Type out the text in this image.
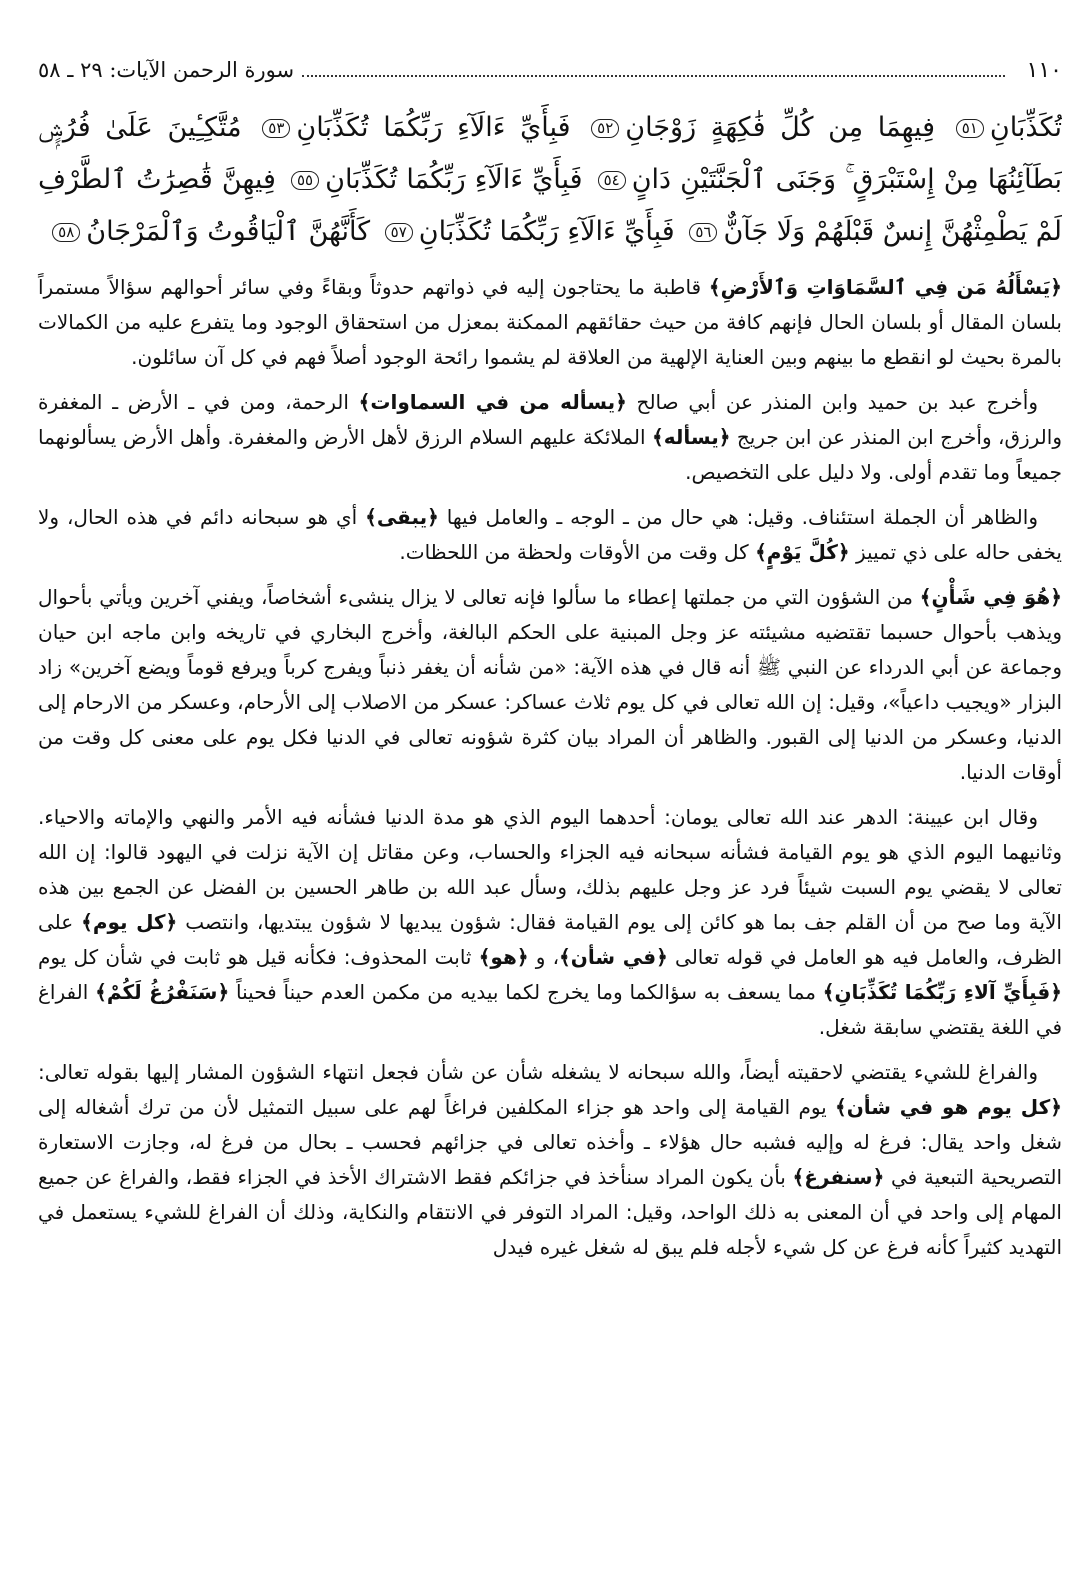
١١٠
سورة الرحمن الآيات: ٢٩ ـ ٥٨
تُكَذِّبَانِ٥١ فِيهِمَا مِن كُلِّ فَٰكِهَةٍ زَوْجَانِ٥٢ فَبِأَيِّ ءَالَآءِ رَبِّكُمَا تُكَذِّبَانِ٥٣ مُتَّكِـِٔينَ عَلَىٰ فُرُشٍۭ بَطَآئِنُهَا مِنْ إِسْتَبْرَقٍ ۚ وَجَنَى ٱلْجَنَّتَيْنِ دَانٍ٥٤ فَبِأَيِّ ءَالَآءِ رَبِّكُمَا تُكَذِّبَانِ٥٥ فِيهِنَّ قَٰصِرَٰتُ ٱلطَّرْفِ لَمْ يَطْمِثْهُنَّ إِنسٌ قَبْلَهُمْ وَلَا جَآنٌّ٥٦ فَبِأَيِّ ءَالَآءِ رَبِّكُمَا تُكَذِّبَانِ٥٧ كَأَنَّهُنَّ ٱلْيَاقُوتُ وَٱلْمَرْجَانُ٥٨

﴿يَسْأَلُهُ مَن فِي ٱلسَّمَاوَاتِ وَٱلأَرْضِ﴾ قاطبة ما يحتاجون إليه في ذواتهم حدوثاً وبقاءً وفي سائر أحوالهم سؤالاً مستمراً بلسان المقال أو بلسان الحال فإنهم كافة من حيث حقائقهم الممكنة بمعزل من استحقاق الوجود وما يتفرع عليه من الكمالات بالمرة بحيث لو انقطع ما بينهم وبين العناية الإلهية من العلاقة لم يشموا رائحة الوجود أصلاً فهم في كل آن سائلون.

وأخرج عبد بن حميد وابن المنذر عن أبي صالح ﴿يسأله من في السماوات﴾ الرحمة، ومن في ـ الأرض ـ المغفرة والرزق، وأخرج ابن المنذر عن ابن جريج ﴿يسأله﴾ الملائكة عليهم السلام الرزق لأهل الأرض والمغفرة. وأهل الأرض يسألونهما جميعاً وما تقدم أولى. ولا دليل على التخصيص.

والظاهر أن الجملة استئناف. وقيل: هي حال من ـ الوجه ـ والعامل فيها ﴿يبقى﴾ أي هو سبحانه دائم في هذه الحال، ولا يخفى حاله على ذي تمييز ﴿كُلَّ يَوْمٍ﴾ كل وقت من الأوقات ولحظة من اللحظات.

﴿هُوَ فِي شَأْنٍ﴾ من الشؤون التي من جملتها إعطاء ما سألوا فإنه تعالى لا يزال ينشىء أشخاصاً، ويفني آخرين ويأتي بأحوال ويذهب بأحوال حسبما تقتضيه مشيئته عز وجل المبنية على الحكم البالغة، وأخرج البخاري في تاريخه وابن ماجه ابن حيان وجماعة عن أبي الدرداء عن النبي ﷺ أنه قال في هذه الآية: «من شأنه أن يغفر ذنباً ويفرج كرباً ويرفع قوماً ويضع آخرين» زاد البزار «ويجيب داعياً»، وقيل: إن الله تعالى في كل يوم ثلاث عساكر: عسكر من الاصلاب إلى الأرحام، وعسكر من الارحام إلى الدنيا، وعسكر من الدنيا إلى القبور. والظاهر أن المراد بيان كثرة شؤونه تعالى في الدنيا فكل يوم على معنى كل وقت من أوقات الدنيا.

وقال ابن عيينة: الدهر عند الله تعالى يومان: أحدهما اليوم الذي هو مدة الدنيا فشأنه فيه الأمر والنهي والإماته والاحياء. وثانيهما اليوم الذي هو يوم القيامة فشأنه سبحانه فيه الجزاء والحساب، وعن مقاتل إن الآية نزلت في اليهود قالوا: إن الله تعالى لا يقضي يوم السبت شيئاً فرد عز وجل عليهم بذلك، وسأل عبد الله بن طاهر الحسين بن الفضل عن الجمع بين هذه الآية وما صح من أن القلم جف بما هو كائن إلى يوم القيامة فقال: شؤون يبديها لا شؤون يبتديها، وانتصب ﴿كل يوم﴾ على الظرف، والعامل فيه هو العامل في قوله تعالى ﴿في شأن﴾، و ﴿هو﴾ ثابت المحذوف: فكأنه قيل هو ثابت في شأن كل يوم ﴿فَبِأَيِّ آلاءِ رَبِّكُمَا تُكَذِّبَانِ﴾ مما يسعف به سؤالكما وما يخرج لكما بيديه من مكمن العدم حيناً فحيناً ﴿سَنَفْرُغُ لَكُمْ﴾ الفراغ في اللغة يقتضي سابقة شغل.

والفراغ للشيء يقتضي لاحقيته أيضاً، والله سبحانه لا يشغله شأن عن شأن فجعل انتهاء الشؤون المشار إليها بقوله تعالى: ﴿كل يوم هو في شأن﴾ يوم القيامة إلى واحد هو جزاء المكلفين فراغاً لهم على سبيل التمثيل لأن من ترك أشغاله إلى شغل واحد يقال: فرغ له وإليه فشبه حال هؤلاء ـ وأخذه تعالى في جزائهم فحسب ـ بحال من فرغ له، وجازت الاستعارة التصريحية التبعية في ﴿سنفرغ﴾ بأن يكون المراد سنأخذ في جزائكم فقط الاشتراك الأخذ في الجزاء فقط، والفراغ عن جميع المهام إلى واحد في أن المعنى به ذلك الواحد، وقيل: المراد التوفر في الانتقام والنكاية، وذلك أن الفراغ للشيء يستعمل في التهديد كثيراً كأنه فرغ عن كل شيء لأجله فلم يبق له شغل غيره فيدل
